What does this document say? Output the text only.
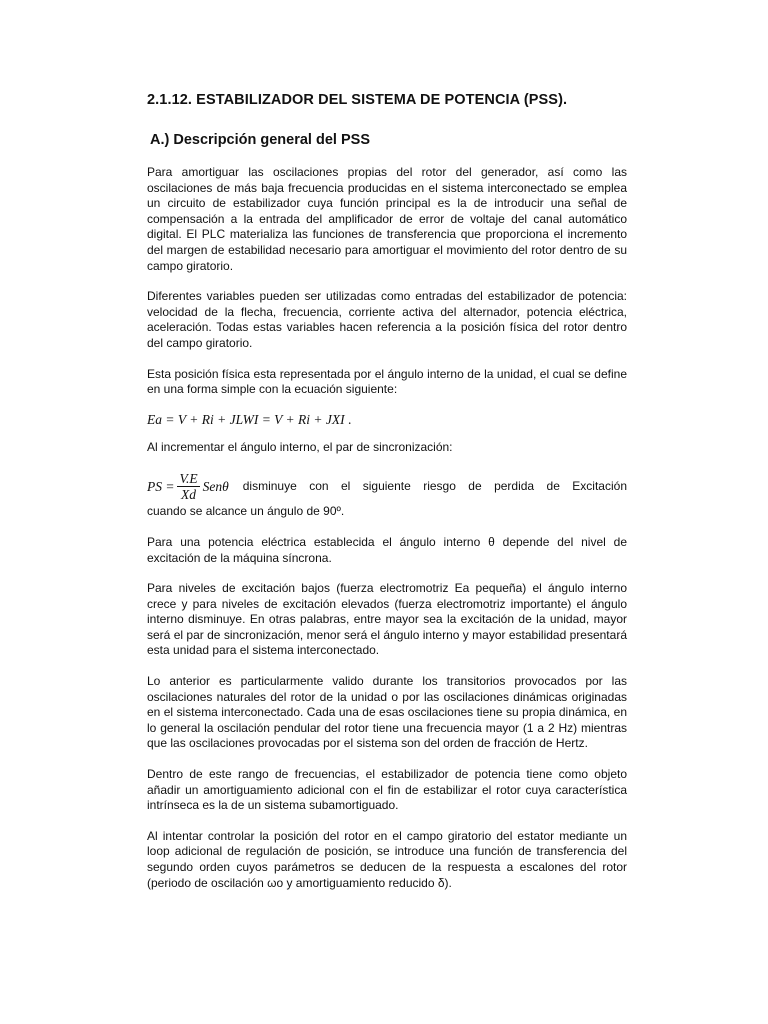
2.1.12. ESTABILIZADOR DEL SISTEMA DE POTENCIA (PSS).
A.) Descripción general del PSS

Para amortiguar las oscilaciones propias del rotor del generador, así como las oscilaciones de más baja frecuencia producidas en el sistema interconectado se emplea un circuito de estabilizador cuya función principal es la de introducir una señal de compensación a la entrada del amplificador de error de voltaje del canal automático digital. El PLC materializa las funciones de transferencia que proporciona el incremento del margen de estabilidad necesario para amortiguar el movimiento del rotor dentro de su campo giratorio.

Diferentes variables pueden ser utilizadas como entradas del estabilizador de potencia: velocidad de la flecha, frecuencia, corriente activa del alternador, potencia eléctrica, aceleración. Todas estas variables hacen referencia a la posición física del rotor dentro del campo giratorio.

Esta posición física esta representada por el ángulo interno de la unidad, el cual se define en una forma simple con la ecuación siguiente:

Ea = V + Ri + JLWI = V + Ri + JXI .

Al incrementar el ángulo interno, el par de sincronización:

PS = $\frac{V.E}{Xd}$ Senθ	disminuye con el siguiente riesgo de perdida de Excitación

cuando se alcance un ángulo de 90º.

Para una potencia eléctrica establecida el ángulo interno θ depende del nivel de excitación de la máquina síncrona.

Para niveles de excitación bajos (fuerza electromotriz Ea pequeña) el ángulo interno crece y para niveles de excitación elevados (fuerza electromotriz importante) el ángulo interno disminuye. En otras palabras, entre mayor sea la excitación de la unidad, mayor será el par de sincronización, menor será el ángulo interno y mayor estabilidad presentará esta unidad para el sistema interconectado.

Lo anterior es particularmente valido durante los transitorios provocados por las oscilaciones naturales del rotor de la unidad o por las oscilaciones dinámicas originadas en el sistema interconectado. Cada una de esas oscilaciones tiene su propia dinámica, en lo general la oscilación pendular del rotor tiene una frecuencia mayor (1 a 2 Hz) mientras que las oscilaciones provocadas por el sistema son del orden de fracción de Hertz.

Dentro de este rango de frecuencias, el estabilizador de potencia tiene como objeto añadir un amortiguamiento adicional con el fin de estabilizar el rotor cuya característica intrínseca es la de un sistema subamortiguado.

Al intentar controlar la posición del rotor en el campo giratorio del estator mediante un loop adicional de regulación de posición, se introduce una función de transferencia del segundo orden cuyos parámetros se deducen de la respuesta a escalones del rotor (periodo de oscilación ωo y amortiguamiento reducido δ).
